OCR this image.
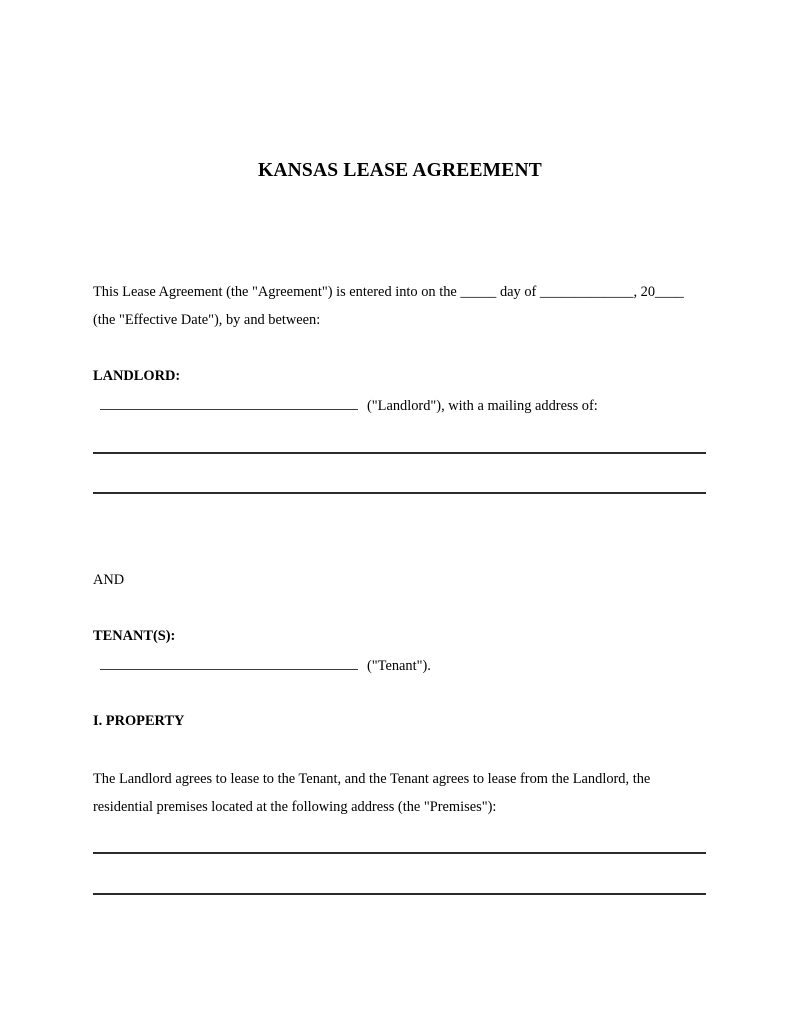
KANSAS LEASE AGREEMENT
This Lease Agreement (the "Agreement") is entered into on the _____ day of _____________, 20____ (the "Effective Date"), by and between:
LANDLORD:
("Landlord"), with a mailing address of:
AND
TENANT(S):
("Tenant").
I. PROPERTY
The Landlord agrees to lease to the Tenant, and the Tenant agrees to lease from the Landlord, the residential premises located at the following address (the "Premises"):
